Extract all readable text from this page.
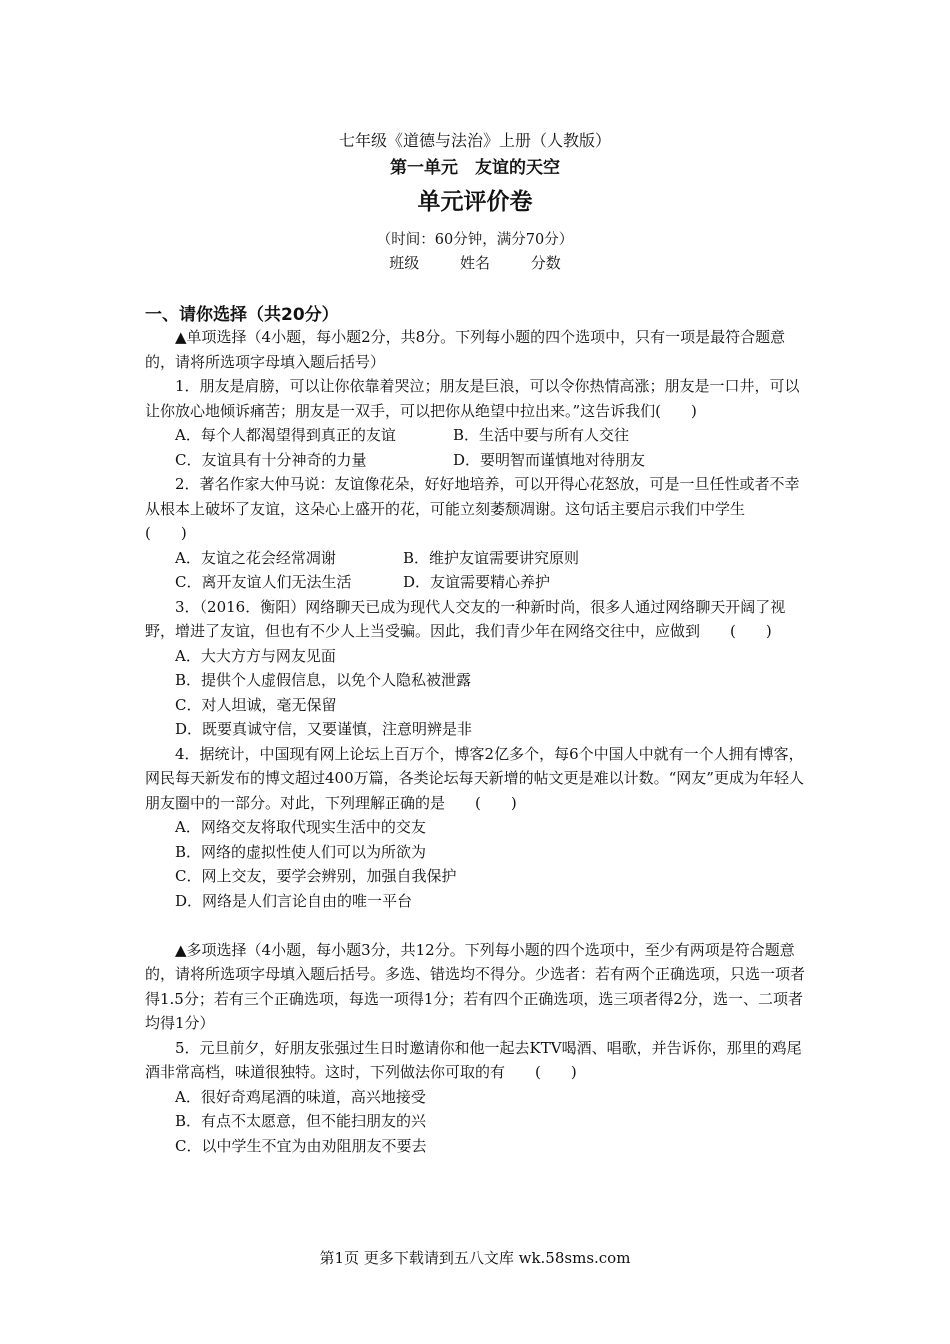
七年级《道德与法治》上册（人教版）
第一单元　友谊的天空
单元评价卷
（时间：60分钟，满分70分）
班级	姓名	分数
一、请你选择（共20分）

▲单项选择（4小题，每小题2分，共8分。下列每小题的四个选项中，只有一项是最符合题意的，请将所选项字母填入题后括号）

1．朋友是肩膀，可以让你依靠着哭泣；朋友是巨浪，可以令你热情高涨；朋友是一口井，可以让你放心地倾诉痛苦；朋友是一双手，可以把你从绝望中拉出来。”这告诉我们(　　)

A．每个人都渴望得到真正的友谊	B．生活中要与所有人交往

C．友谊具有十分神奇的力量	D．要明智而谨慎地对待朋友

2．著名作家大仲马说：友谊像花朵，好好地培养，可以开得心花怒放，可是一旦任性或者不幸从根本上破坏了友谊，这朵心上盛开的花，可能立刻萎颓凋谢。这句话主要启示我们中学生　　(　　)

A．友谊之花会经常凋谢	B．维护友谊需要讲究原则

C．离开友谊人们无法生活	D．友谊需要精心养护

3．（2016．衡阳）网络聊天已成为现代人交友的一种新时尚，很多人通过网络聊天开阔了视野，增进了友谊，但也有不少人上当受骗。因此，我们青少年在网络交往中，应做到　　(　　)

A．大大方方与网友见面

B．提供个人虚假信息，以免个人隐私被泄露

C．对人坦诚，毫无保留

D．既要真诚守信，又要谨慎，注意明辨是非

4．据统计，中国现有网上论坛上百万个，博客2亿多个，每6个中国人中就有一个人拥有博客，网民每天新发布的博文超过400万篇，各类论坛每天新增的帖文更是难以计数。“网友”更成为年轻人朋友圈中的一部分。对此，下列理解正确的是　　(　　)

A．网络交友将取代现实生活中的交友

B．网络的虚拟性使人们可以为所欲为

C．网上交友，要学会辨别，加强自我保护

D．网络是人们言论自由的唯一平台

▲多项选择（4小题，每小题3分，共12分。下列每小题的四个选项中，至少有两项是符合题意的，请将所选项字母填入题后括号。多选、错选均不得分。少选者：若有两个正确选项，只选一项者得1.5分；若有三个正确选项，每选一项得1分；若有四个正确选项，选三项者得2分，选一、二项者均得1分）

5．元旦前夕，好朋友张强过生日时邀请你和他一起去KTV喝酒、唱歌，并告诉你，那里的鸡尾酒非常高档，味道很独特。这时，下列做法你可取的有　　(　　)

A．很好奇鸡尾酒的味道，高兴地接受

B．有点不太愿意，但不能扫朋友的兴

C．以中学生不宜为由劝阻朋友不要去

第1页 更多下载请到五八文库 wk.58sms.com
